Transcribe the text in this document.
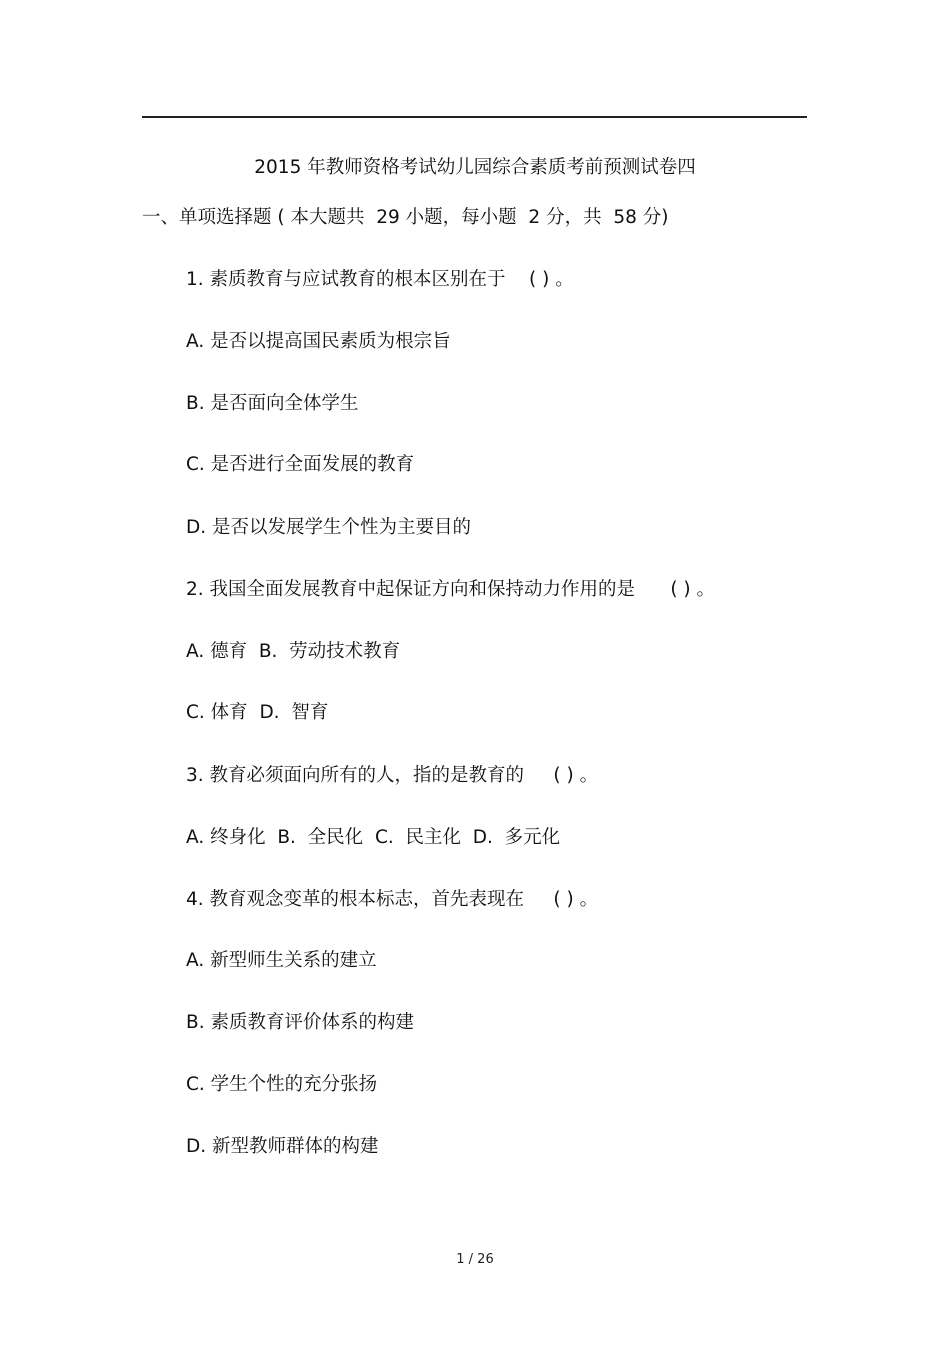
2015 年教师资格考试幼儿园综合素质考前预测试卷四
一、单项选择题 ( 本大题共  29 小题，每小题  2 分，共  58 分)
1. 素质教育与应试教育的根本区别在于    ( ) 。
A. 是否以提高国民素质为根宗旨
B. 是否面向全体学生
C. 是否进行全面发展的教育
D. 是否以发展学生个性为主要目的
2. 我国全面发展教育中起保证方向和保持动力作用的是      ( ) 。
A. 德育  B.  劳动技术教育
C. 体育  D.  智育
3. 教育必须面向所有的人，指的是教育的     ( ) 。
A. 终身化  B.  全民化  C.  民主化  D.  多元化
4. 教育观念变革的根本标志，首先表现在     ( ) 。
A. 新型师生关系的建立
B. 素质教育评价体系的构建
C. 学生个性的充分张扬
D. 新型教师群体的构建
1 / 26
